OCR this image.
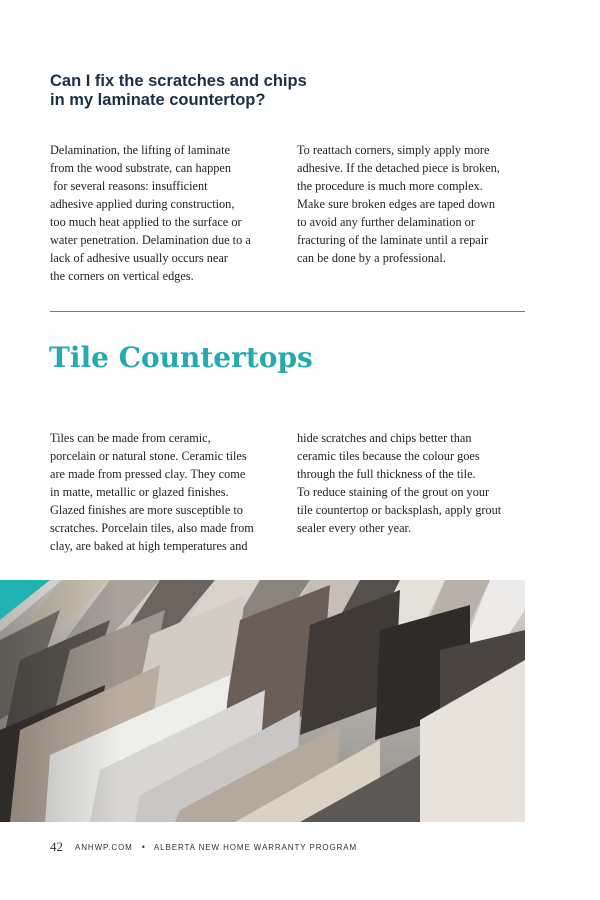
Can I fix the scratches and chips
in my laminate countertop?
Delamination, the lifting of laminate
from the wood substrate, can happen
for several reasons: insufficient
adhesive applied during construction,
too much heat applied to the surface or
water penetration. Delamination due to a
lack of adhesive usually occurs near
the corners on vertical edges.
To reattach corners, simply apply more
adhesive. If the detached piece is broken,
the procedure is much more complex.
Make sure broken edges are taped down
to avoid any further delamination or
fracturing of the laminate until a repair
can be done by a professional.
Tile Countertops
Tiles can be made from ceramic,
porcelain or natural stone. Ceramic tiles
are made from pressed clay. They come
in matte, metallic or glazed finishes.
Glazed finishes are more susceptible to
scratches. Porcelain tiles, also made from
clay, are baked at high temperatures and
hide scratches and chips better than
ceramic tiles because the colour goes
through the full thickness of the tile.
To reduce staining of the grout on your
tile countertop or backsplash, apply grout
sealer every other year.
42 ANHWP.COM • ALBERTA NEW HOME WARRANTY PROGRAM
